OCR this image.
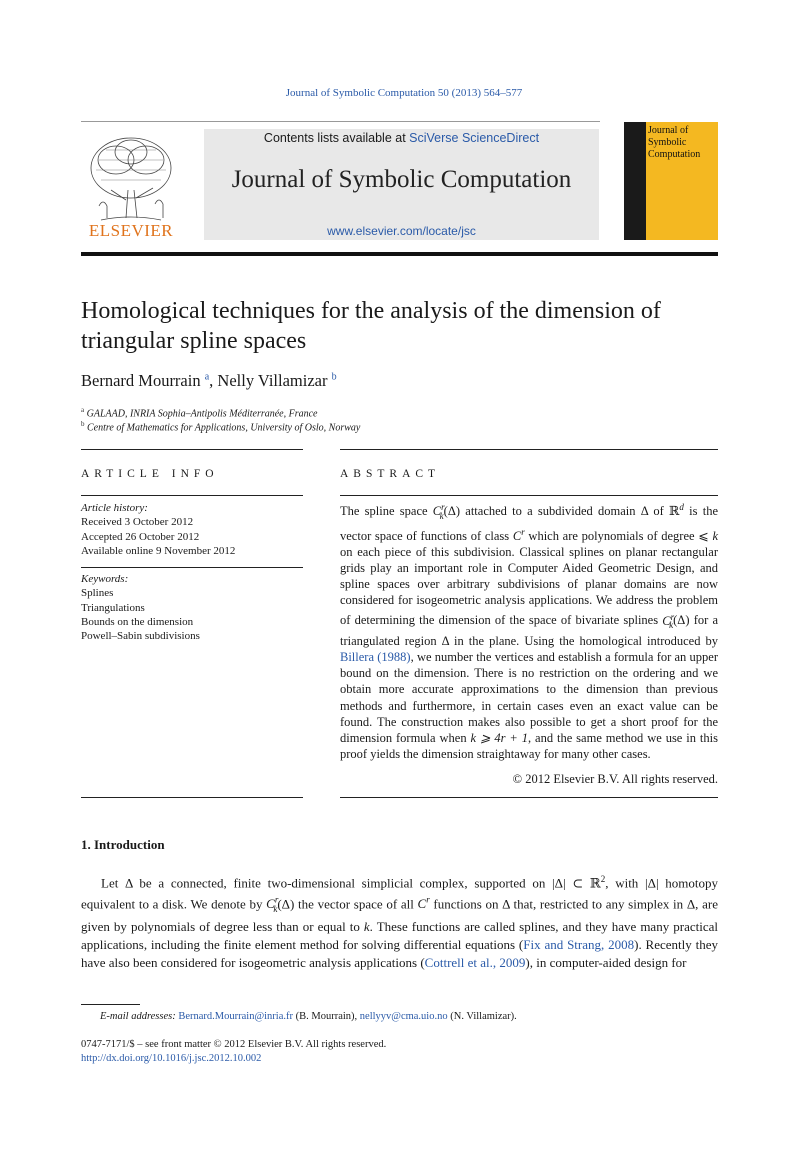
Journal of Symbolic Computation 50 (2013) 564–577
ELSEVIER
Contents lists available at SciVerse ScienceDirect
Journal of Symbolic Computation
www.elsevier.com/locate/jsc
Journal of
Symbolic
Computation
Homological techniques for the analysis of the dimension of triangular spline spaces
Bernard Mourrain $^a$, Nelly Villamizar $^b$
$^a$ GALAAD, INRIA Sophia–Antipolis Méditerranée, France
$^b$ Centre of Mathematics for Applications, University of Oslo, Norway
ARTICLE INFO	ABSTRACT
Article history:
Received 3 October 2012
Accepted 26 October 2012
Available online 9 November 2012
Keywords:
Splines
Triangulations
Bounds on the dimension
Powell–Sabin subdivisions
The spline space $C^r_k(\Delta)$ attached to a subdivided domain Δ of ℝ$^d$ is the vector space of functions of class $C^r$ which are polynomials of degree ⩽ k on each piece of this subdivision. Classical splines on planar rectangular grids play an important role in Computer Aided Geometric Design, and spline spaces over arbitrary subdivisions of planar domains are now considered for isogeometric analysis applications. We address the problem of determining the dimension of the space of bivariate splines $C^r_k(\Delta)$ for a triangulated region Δ in the plane. Using the homological introduced by Billera (1988), we number the vertices and establish a formula for an upper bound on the dimension. There is no restriction on the ordering and we obtain more accurate approximations to the dimension than previous methods and furthermore, in certain cases even an exact value can be found. The construction makes also possible to get a short proof for the dimension formula when k ⩾ 4r + 1, and the same method we use in this proof yields the dimension straightaway for many other cases.
© 2012 Elsevier B.V. All rights reserved.
1. Introduction
Let Δ be a connected, finite two-dimensional simplicial complex, supported on |Δ| ⊂ ℝ$^2$, with |Δ| homotopy equivalent to a disk. We denote by $C^r_k(\Delta)$ the vector space of all $C^r$ functions on Δ that, restricted to any simplex in Δ, are given by polynomials of degree less than or equal to k. These functions are called splines, and they have many practical applications, including the finite element method for solving differential equations (Fix and Strang, 2008). Recently they have also been considered for isogeometric analysis applications (Cottrell et al., 2009), in computer-aided design for
E-mail addresses: Bernard.Mourrain@inria.fr (B. Mourrain), nellyyv@cma.uio.no (N. Villamizar).
0747-7171/$ – see front matter © 2012 Elsevier B.V. All rights reserved.
http://dx.doi.org/10.1016/j.jsc.2012.10.002
